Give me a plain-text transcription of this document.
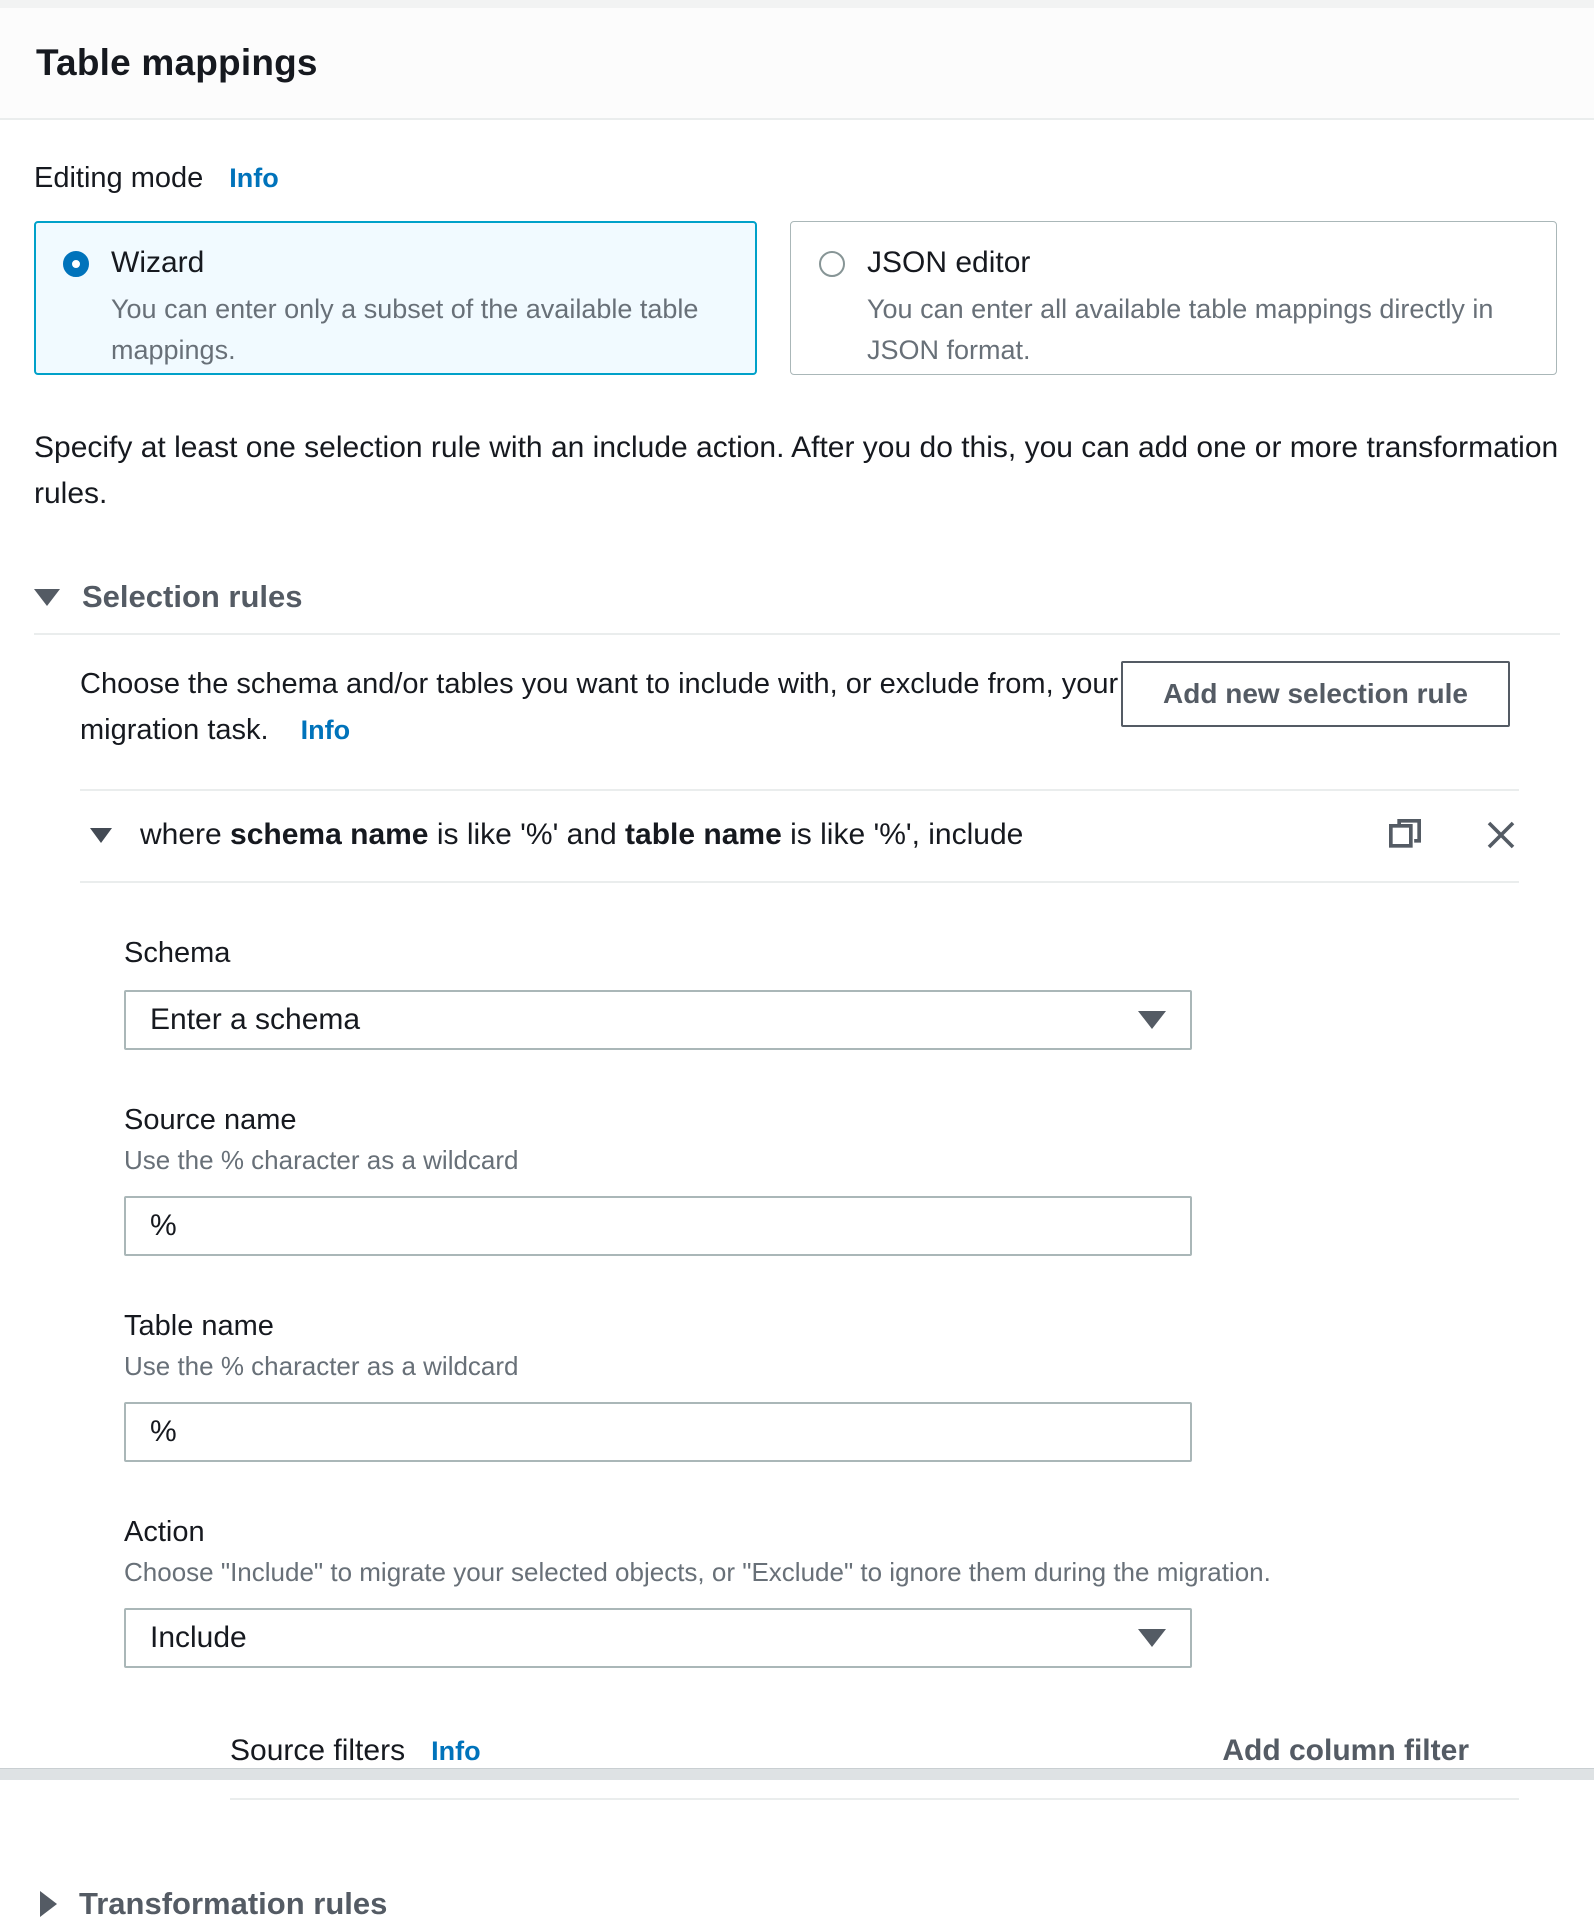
Table mappings
Editing mode Info
Wizard
You can enter only a subset of the available table mappings.
JSON editor
You can enter all available table mappings directly in JSON format.
Specify at least one selection rule with an include action. After you do this, you can add one or more transformation rules.
Selection rules
Choose the schema and/or tables you want to include with, or exclude from, your migration task. Info
Add new selection rule
where schema name is like '%' and table name is like '%', include
Schema
Enter a schema
Source name
Use the % character as a wildcard
%
Table name
Use the % character as a wildcard
%
Action
Choose "Include" to migrate your selected objects, or "Exclude" to ignore them during the migration.
Include
Source filters Info	Add column filter
Transformation rules
